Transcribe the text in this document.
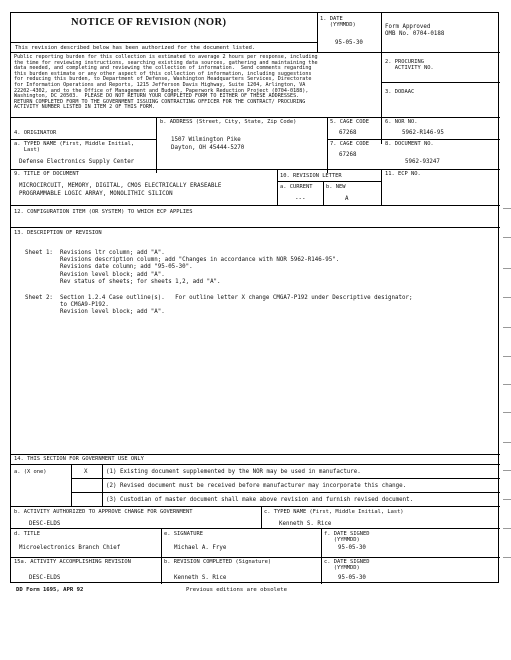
NOTICE OF REVISION (NOR)
This revision described below has been authorized for the document listed.
1. DATE
(YYMMDD)
95-05-30
Form Approved
OMB No. 0704-0188
Public reporting burden for this collection is estimated to average 2 hours per response, including
the time for reviewing instructions, searching existing data sources, gathering and maintaining the
data needed, and completing and reviewing the collection of information.  Send comments regarding
this burden estimate or any other aspect of this collection of information, including suggestions
for reducing this burden, to Department of Defense, Washington Headquarters Services, Directorate
for Information Operations and Reports, 1215 Jefferson Davis Highway, Suite 1204, Arlington, VA
22202-4302, and to the Office of Management and Budget, Paperwork Reduction Project (0704-0188),
Washington, DC 20503.  PLEASE DO NOT RETURN YOUR COMPLETED FORM TO EITHER OF THESE ADDRESSES.
RETURN COMPLETED FORM TO THE GOVERNMENT ISSUING CONTRACTING OFFICER FOR THE CONTRACT/ PROCURING
ACTIVITY NUMBER LISTED IN ITEM 2 OF THIS FORM.
2. PROCURING
ACTIVITY NO.
3. DODAAC
4. ORIGINATOR
b. ADDRESS (Street, City, State, Zip Code)
1507 Wilmington Pike
Dayton, OH 45444-5270
5. CAGE CODE
67268
6. NOR NO.
5962-R146-95
a. TYPED NAME (First, Middle Initial,
Last)
Defense Electronics Supply Center
7. CAGE CODE
67268
8. DOCUMENT NO.
5962-93247
9. TITLE OF DOCUMENT
MICROCIRCUIT, MEMORY, DIGITAL, CMOS ELECTRICALLY ERASEABLE
PROGRAMMABLE LOGIC ARRAY, MONOLITHIC SILICON
10. REVISION LETTER
a. CURRENT
---
b. NEW
A
11. ECP NO.
12. CONFIGURATION ITEM (OR SYSTEM) TO WHICH ECP APPLIES
13. DESCRIPTION OF REVISION
Sheet 1: Revisions ltr column; add "A".
Revisions description column; add "Changes in accordance with NOR 5962-R146-95".
Revisions date column; add "95-05-30".
Revision level block; add "A".
Rev status of sheets; for sheets 1,2, add "A".
Sheet 2: Section 1.2.4 Case outline(s).   For outline letter X change CMGA7-P192 under Descriptive designator;
to CMGA9-P192.
Revision level block; add "A".
14. THIS SECTION FOR GOVERNMENT USE ONLY
a. (X one)	X	(1) Existing document supplemented by the NOR may be used in manufacture.
(2) Revised document must be received before manufacturer may incorporate this change.
(3) Custodian of master document shall make above revision and furnish revised document.
b. ACTIVITY AUTHORIZED TO APPROVE CHANGE FOR GOVERNMENT
DESC-ELDS
c. TYPED NAME (First, Middle Initial, Last)
Kenneth S. Rice
d. TITLE
Microelectronics Branch Chief
e. SIGNATURE
Michael A. Frye
f. DATE SIGNED
(YYMMDD)
95-05-30
15a. ACTIVITY ACCOMPLISHING REVISION
DESC-ELDS
b. REVISION COMPLETED (Signature)
Kenneth S. Rice
c. DATE SIGNED
(YYMMDD)
95-05-30
DD Form 1695, APR 92	Previous editions are obsolete
